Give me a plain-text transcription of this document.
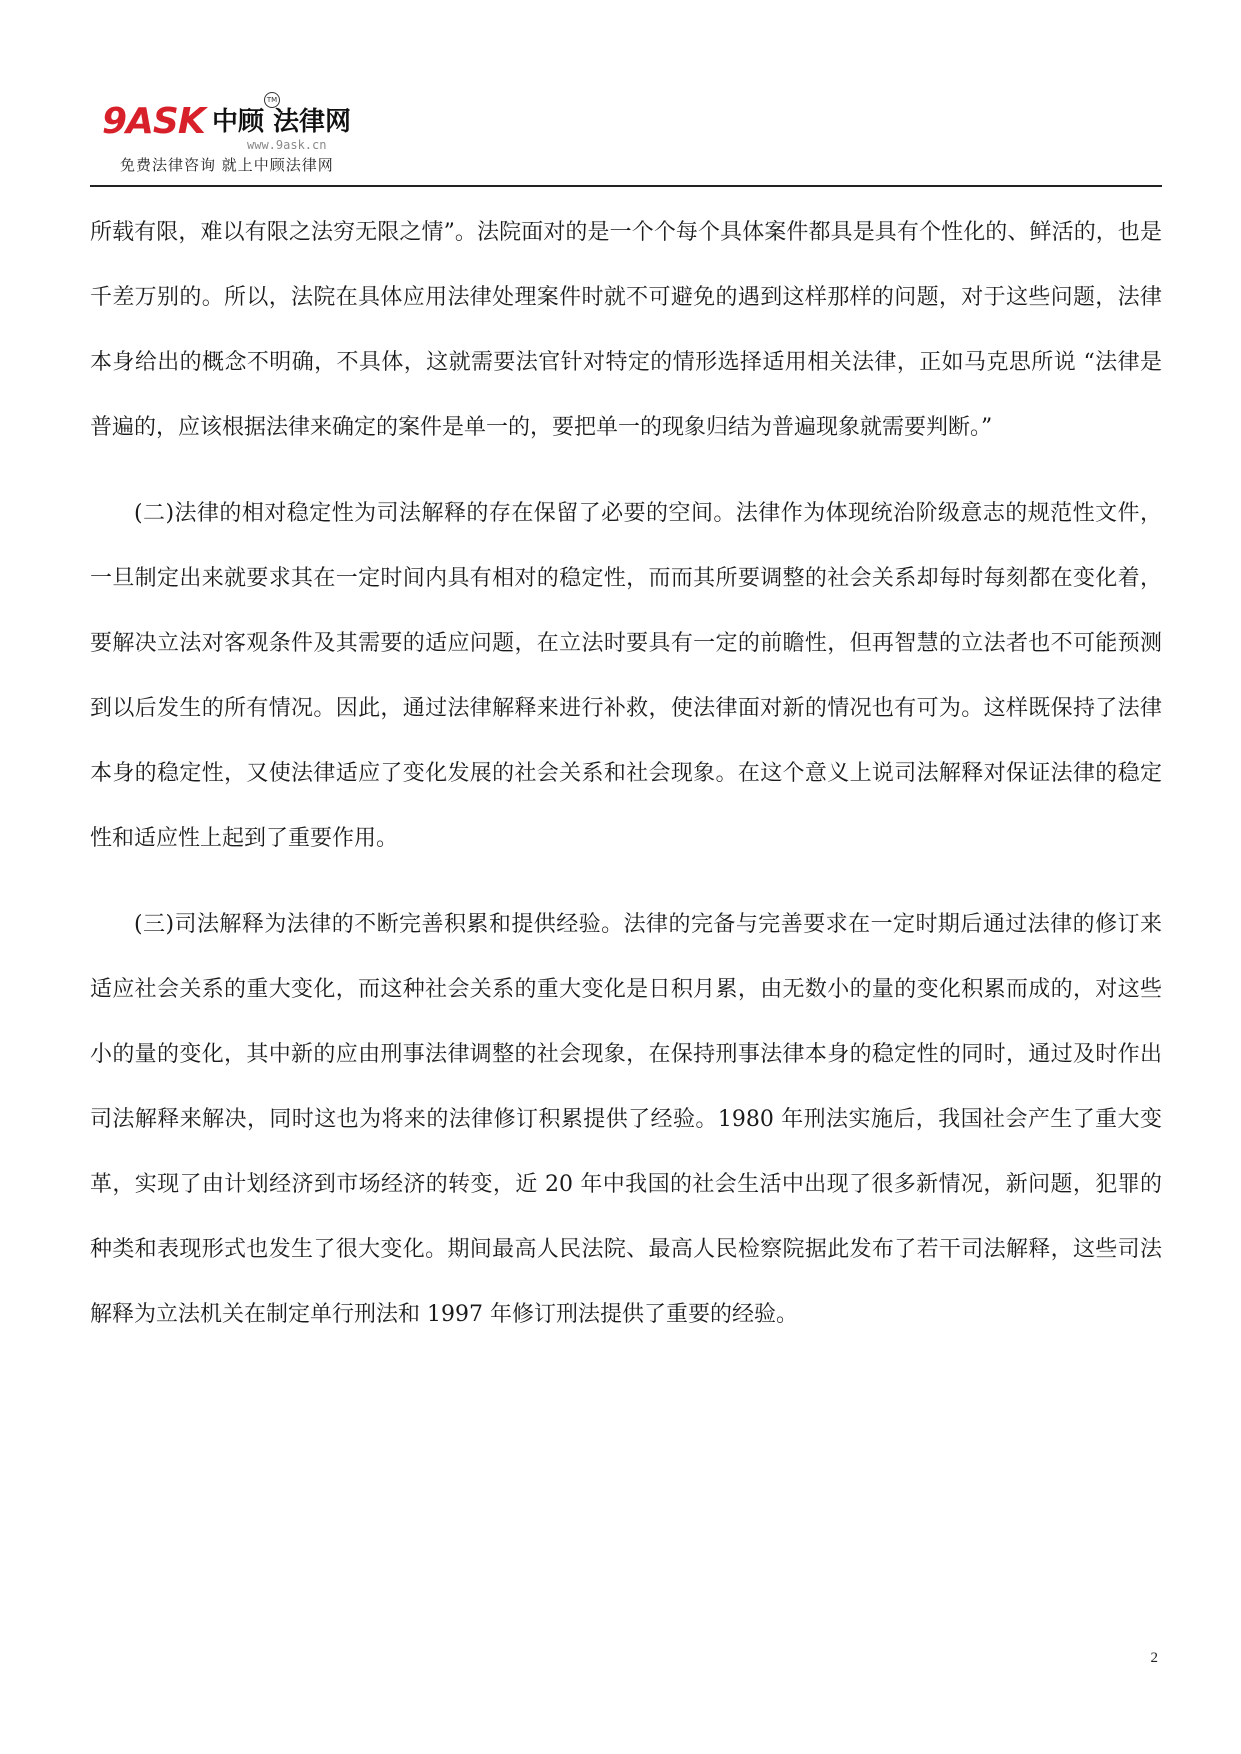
9ASK 中顾 法律网
TM
www.9ask.cn
免费法律咨询 就上中顾法律网

所载有限，难以有限之法穷无限之情”。法院面对的是一个个每个具体案件都具是具有个性化的、鲜活的，也是千差万别的。所以，法院在具体应用法律处理案件时就不可避免的遇到这样那样的问题，对于这些问题，法律本身给出的概念不明确，不具体，这就需要法官针对特定的情形选择适用相关法律，正如马克思所说 “法律是普遍的，应该根据法律来确定的案件是单一的，要把单一的现象归结为普遍现象就需要判断。”

(二)法律的相对稳定性为司法解释的存在保留了必要的空间。法律作为体现统治阶级意志的规范性文件，一旦制定出来就要求其在一定时间内具有相对的稳定性，而而其所要调整的社会关系却每时每刻都在变化着，要解决立法对客观条件及其需要的适应问题，在立法时要具有一定的前瞻性，但再智慧的立法者也不可能预测到以后发生的所有情况。因此，通过法律解释来进行补救，使法律面对新的情况也有可为。这样既保持了法律本身的稳定性，又使法律适应了变化发展的社会关系和社会现象。在这个意义上说司法解释对保证法律的稳定性和适应性上起到了重要作用。

(三)司法解释为法律的不断完善积累和提供经验。法律的完备与完善要求在一定时期后通过法律的修订来适应社会关系的重大变化，而这种社会关系的重大变化是日积月累，由无数小的量的变化积累而成的，对这些小的量的变化，其中新的应由刑事法律调整的社会现象，在保持刑事法律本身的稳定性的同时，通过及时作出司法解释来解决，同时这也为将来的法律修订积累提供了经验。1980 年刑法实施后，我国社会产生了重大变革，实现了由计划经济到市场经济的转变，近 20 年中我国的社会生活中出现了很多新情况，新问题，犯罪的种类和表现形式也发生了很大变化。期间最高人民法院、最高人民检察院据此发布了若干司法解释，这些司法解释为立法机关在制定单行刑法和 1997 年修订刑法提供了重要的经验。

2
